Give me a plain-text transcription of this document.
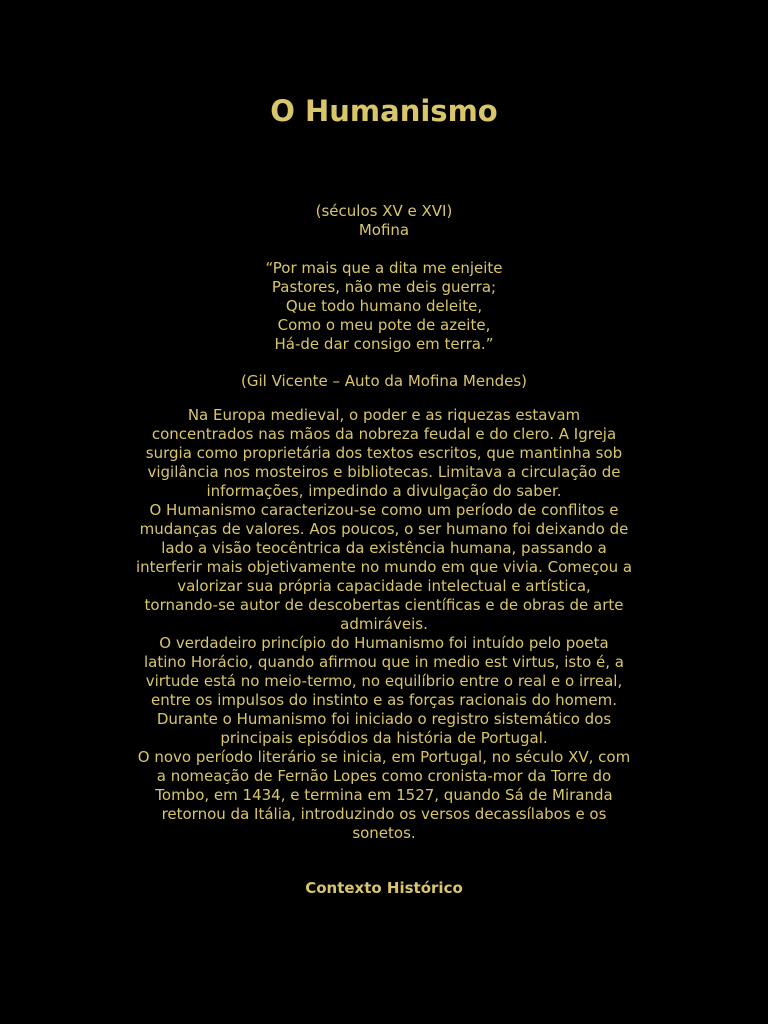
O Humanismo
(séculos XV e XVI)
Mofina
“Por mais que a dita me enjeite
Pastores, não me deis guerra;
Que todo humano deleite,
Como o meu pote de azeite,
Há-de dar consigo em terra.”
(Gil Vicente – Auto da Mofina Mendes)
Na Europa medieval, o poder e as riquezas estavam
concentrados nas mãos da nobreza feudal e do clero. A Igreja
surgia como proprietária dos textos escritos, que mantinha sob
vigilância nos mosteiros e bibliotecas. Limitava a circulação de
informações, impedindo a divulgação do saber.
O Humanismo caracterizou-se como um período de conflitos e
mudanças de valores. Aos poucos, o ser humano foi deixando de
lado a visão teocêntrica da existência humana, passando a
interferir mais objetivamente no mundo em que vivia. Começou a
valorizar sua própria capacidade intelectual e artística,
tornando-se autor de descobertas científicas e de obras de arte
admiráveis.
O verdadeiro princípio do Humanismo foi intuído pelo poeta
latino Horácio, quando afirmou que in medio est virtus, isto é, a
virtude está no meio-termo, no equilíbrio entre o real e o irreal,
entre os impulsos do instinto e as forças racionais do homem.
Durante o Humanismo foi iniciado o registro sistemático dos
principais episódios da história de Portugal.
O novo período literário se inicia, em Portugal, no século XV, com
a nomeação de Fernão Lopes como cronista-mor da Torre do
Tombo, em 1434, e termina em 1527, quando Sá de Miranda
retornou da Itália, introduzindo os versos decassílabos e os
sonetos.
Contexto Histórico
